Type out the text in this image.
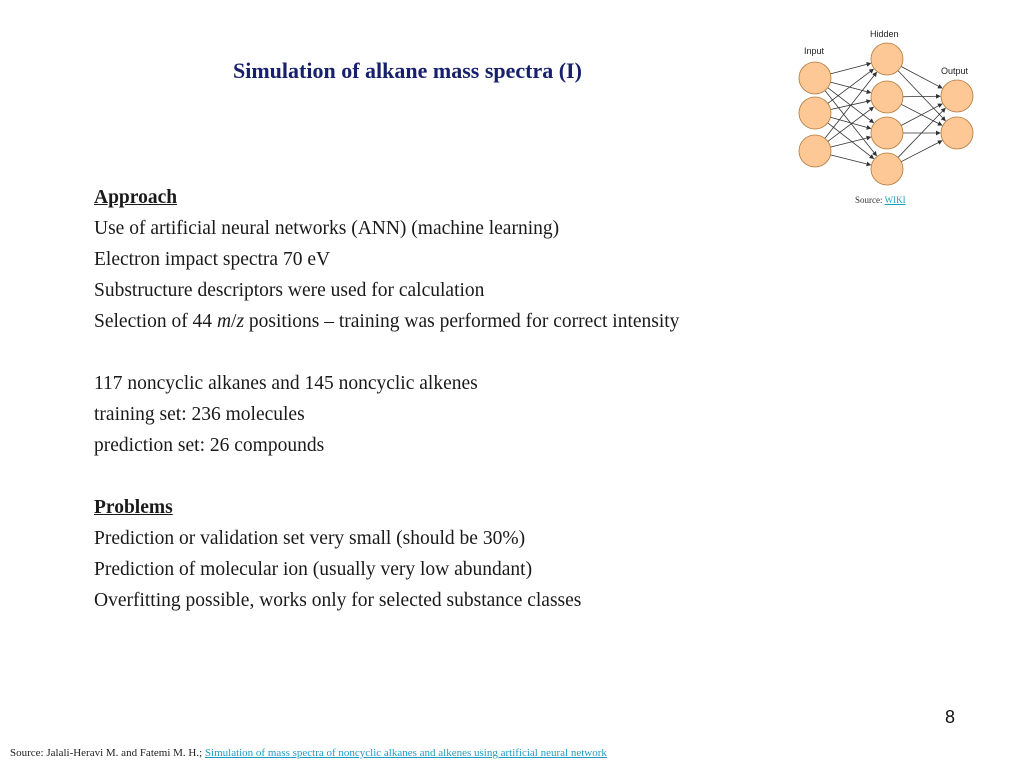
Simulation of alkane mass spectra (I)
Input
Hidden
Output
Source: WIKI
Approach
Use of artificial neural networks (ANN) (machine learning)
Electron impact spectra 70 eV
Substructure descriptors were used for calculation
Selection of 44 m/z positions – training was performed for correct intensity
117 noncyclic alkanes and 145 noncyclic alkenes
training set: 236 molecules
prediction set: 26 compounds
Problems
Prediction or validation set very small (should be 30%)
Prediction of molecular ion (usually very low abundant)
Overfitting possible, works only for selected substance classes
8
Source: Jalali-Heravi M. and Fatemi M. H.; Simulation of mass spectra of noncyclic alkanes and alkenes using artificial neural network
